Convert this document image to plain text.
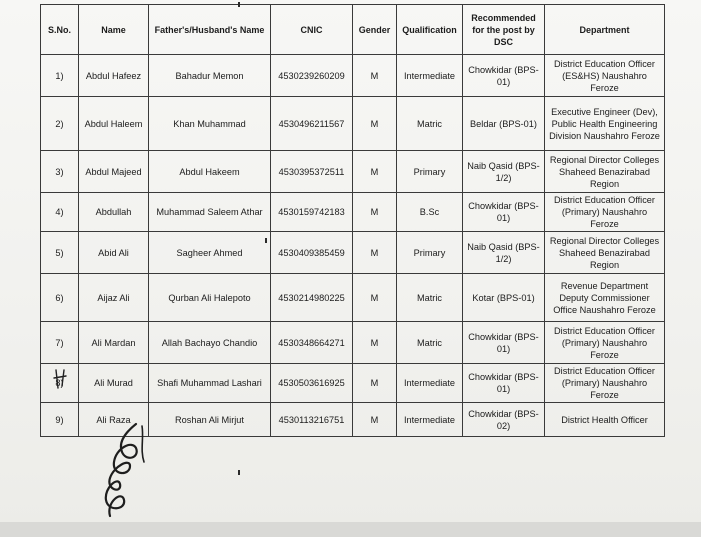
S.No.	Name	Father's/Husband's Name	CNIC	Gender	Qualification	Recommended for the post by DSC	Department
1)	Abdul Hafeez	Bahadur Memon	4530239260209	M	Intermediate	Chowkidar (BPS-01)	District Education Officer (ES&HS) Naushahro Feroze
2)	Abdul Haleem	Khan Muhammad	4530496211567	M	Matric	Beldar (BPS-01)	Executive Engineer (Dev), Public Health Engineering Division Naushahro Feroze
3)	Abdul Majeed	Abdul Hakeem	4530395372511	M	Primary	Naib Qasid (BPS-1/2)	Regional Director Colleges Shaheed Benazirabad Region
4)	Abdullah	Muhammad Saleem Athar	4530159742183	M	B.Sc	Chowkidar (BPS-01)	District Education Officer (Primary) Naushahro Feroze
5)	Abid Ali	Sagheer Ahmed	4530409385459	M	Primary	Naib Qasid (BPS-1/2)	Regional Director Colleges Shaheed Benazirabad Region
6)	Aijaz Ali	Qurban Ali Halepoto	4530214980225	M	Matric	Kotar (BPS-01)	Revenue Department Deputy Commissioner Office Naushahro Feroze
7)	Ali Mardan	Allah Bachayo Chandio	4530348664271	M	Matric	Chowkidar (BPS-01)	District Education Officer (Primary) Naushahro Feroze
8)	Ali Murad	Shafi Muhammad Lashari	4530503616925	M	Intermediate	Chowkidar (BPS-01)	District Education Officer (Primary) Naushahro Feroze
9)	Ali Raza	Roshan Ali Mirjut	4530113216751	M	Intermediate	Chowkidar (BPS-02)	District Health Officer
